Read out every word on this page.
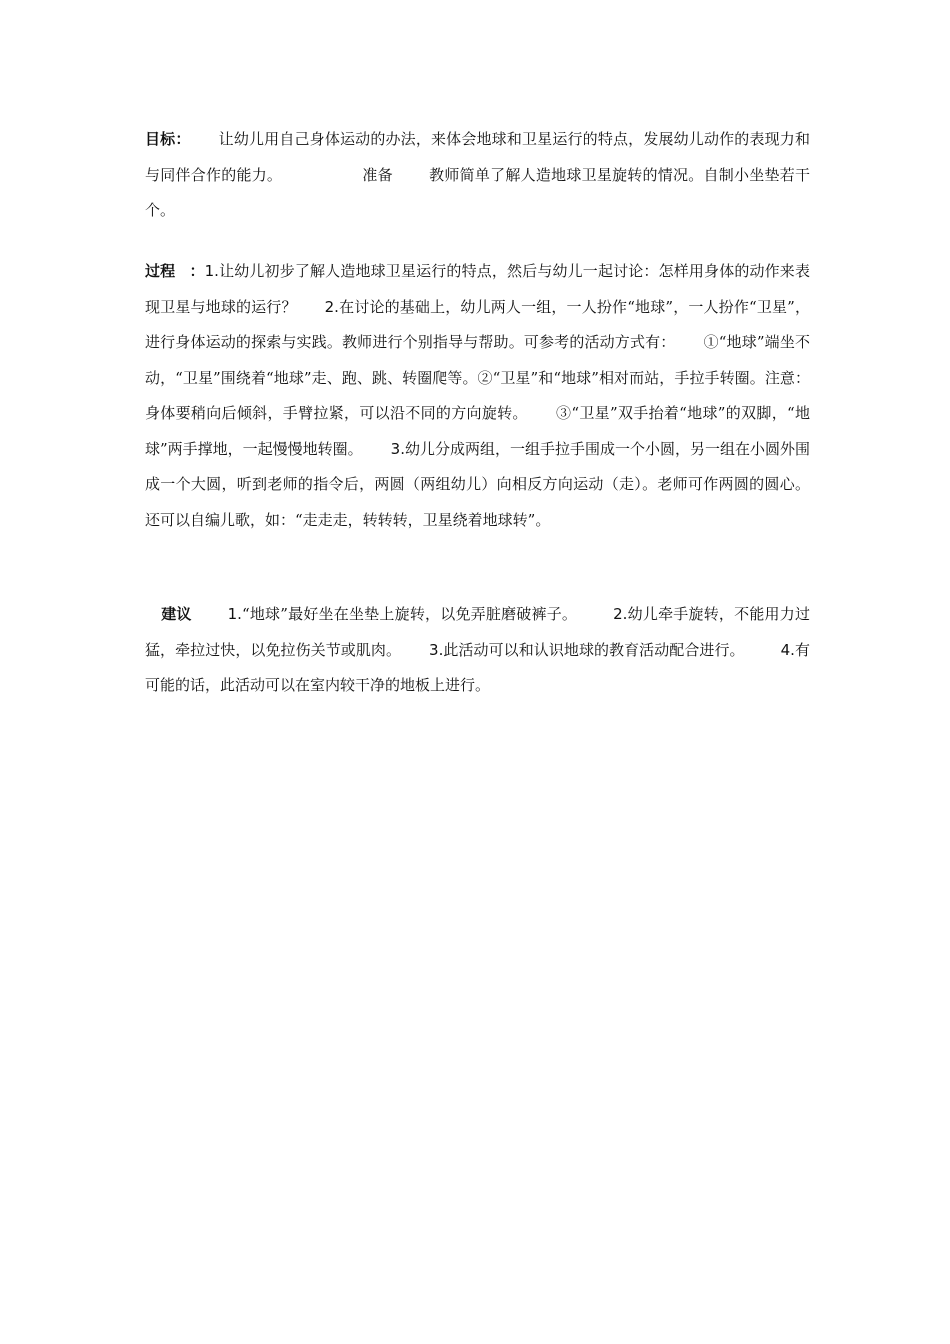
目标： 让幼儿用自己身体运动的办法，来体会地球和卫星运行的特点，发展幼儿动作的表现力和与同伴合作的能力。	准备 教师简单了解人造地球卫星旋转的情况。自制小坐垫若干个。
过程 ：1.让幼儿初步了解人造地球卫星运行的特点，然后与幼儿一起讨论：怎样用身体的动作来表现卫星与地球的运行？ 2.在讨论的基础上，幼儿两人一组，一人扮作“地球”，一人扮作“卫星”，进行身体运动的探索与实践。教师进行个别指导与帮助。可参考的活动方式有： ①“地球”端坐不动，“卫星”围绕着“地球”走、跑、跳、转圈爬等。②“卫星”和“地球”相对而站，手拉手转圈。注意：身体要稍向后倾斜，手臂拉紧，可以沿不同的方向旋转。 ③“卫星”双手抬着“地球”的双脚，“地球”两手撑地，一起慢慢地转圈。 3.幼儿分成两组，一组手拉手围成一个小圆，另一组在小圆外围成一个大圆，听到老师的指令后，两圆（两组幼儿）向相反方向运动（走）。老师可作两圆的圆心。还可以自编儿歌，如：“走走走，转转转，卫星绕着地球转”。
建议 1.“地球”最好坐在坐垫上旋转，以免弄脏磨破裤子。 2.幼儿牵手旋转，不能用力过猛，牵拉过快，以免拉伤关节或肌肉。 3.此活动可以和认识地球的教育活动配合进行。 4.有可能的话，此活动可以在室内较干净的地板上进行。
